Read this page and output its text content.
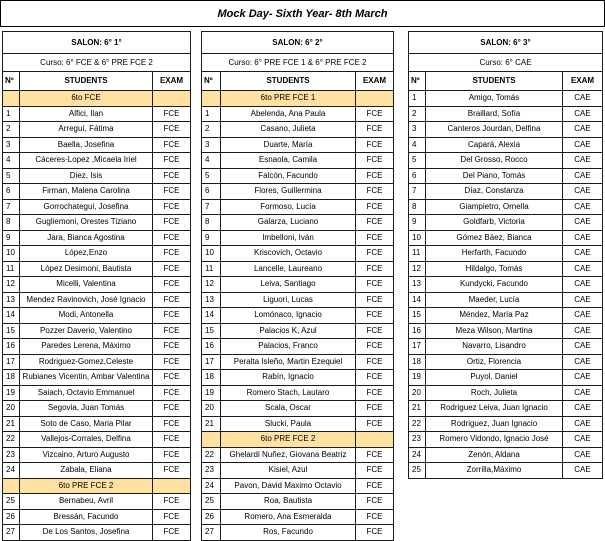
Mock Day- Sixth Year- 8th March
SALON: 6° 1°		
Curso: 6° FCE & 6° PRE FCE 2		
Nº	STUDENTS	EXAM
	6to FCE	
1	Alfici, Ilan	FCE
2	Arreguí, Fátima	FCE
3	Baella, Josefina	FCE
4	Cáceres-Lopez ,Micaela Iriel	FCE
5	Diez, Isis	FCE
6	Firman, Malena Carolina	FCE
7	Gorrochategui, Josefina	FCE
8	Gugliemoni, Orestes Tiziano	FCE
9	Jara, Bianca Agostina	FCE
10	López,Enzo	FCE
11	López Desimoni, Bautista	FCE
12	Micelli, Valentina	FCE
13	Mendez Ravinovich, José Ignacio	FCE
14	Modi, Antonella	FCE
15	Pozzer Daverio, Valentino	FCE
16	Paredes Lerena, Máximo	FCE
17	Rodriguez-Gomez,Celeste	FCE
18	Rubianes Vicentin, Ambar Valentina	FCE
19	Saiach, Octavio Emmanuel	FCE
20	Segovia, Juan Tomás	FCE
21	Soto de Caso, Maria Pilar	FCE
22	Vallejos-Corrales, Delfina	FCE
23	Vizcaino, Arturo Augusto	FCE
24	Zabala, Eliana	FCE
	6to PRE FCE 2	
25	Bernabeu, Avril	FCE
26	Bressán, Facundo	FCE
27	De Los Santos, Josefina	FCE
SALON: 6° 2°		
Curso: 6° PRE FCE 1 & 6° PRE FCE 2		
Nº	STUDENTS	EXAM
	6to PRE FCE 1	
1	Abelenda, Ana Paula	FCE
2	Casano, Julieta	FCE
3	Duarte, María	FCE
4	Esnaola, Camila	FCE
5	Falcón, Facundo	FCE
6	Flores, Guillermina	FCE
7	Formoso, Lucía	FCE
8	Galarza, Luciano	FCE
9	Imbelloni, Iván	FCE
10	Kriscovich, Octavio	FCE
11	Lancelle, Laureano	FCE
12	Leiva, Santiago	FCE
13	Liguori, Lucas	FCE
14	Lomónaco, Ignacio	FCE
15	Palacios K, Azul	FCE
16	Palacios, Franco	FCE
17	Peralta Isleño, Martin Ezequiel	FCE
18	Rabín, Ignacio	FCE
19	Romero Stach, Lautaro	FCE
20	Scala, Oscar	FCE
21	Slucki, Paula	FCE
	6to PRE FCE 2	
22	Ghelardi Nuñez, Giovana Beatriz	FCE
23	Kisiel, Azul	FCE
24	Pavon, David Maximo Octavio	FCE
25	Roa, Bautista	FCE
26	Romero, Ana Esmeralda	FCE
27	Ros, Facundo	FCE
SALON: 6° 3°		
Curso: 6° CAE		
Nº	STUDENTS	EXAM
1	Amigo, Tomás	CAE
2	Braillard, Sofía	CAE
3	Canteros Jourdan, Delfina	CAE
4	Capará, Alexia	CAE
5	Del Grosso, Rocco	CAE
6	Del Piano, Tomás	CAE
7	Díaz, Constanza	CAE
8	Giampietro, Ornella	CAE
9	Goldfarb, Victoria	CAE
10	Gómez Báez, Bianca	CAE
11	Herfarth, Facundo	CAE
12	Hildalgo, Tomás	CAE
13	Kundycki, Facundo	CAE
14	Maeder, Lucía	CAE
15	Méndez, María Paz	CAE
16	Meza Wilson, Martina	CAE
17	Navarro, Lisandro	CAE
18	Ortiz, Florencia	CAE
19	Puyol, Daniel	CAE
20	Roch, Julieta	CAE
21	Rodriguez Leiva, Juan Ignacio	CAE
22	Rodriguez, Juan Ignacio	CAE
23	Romero Vidondo, Ignacio José	CAE
24	Zenón, Aldana	CAE
25	Zorrilla,Máximo	CAE
